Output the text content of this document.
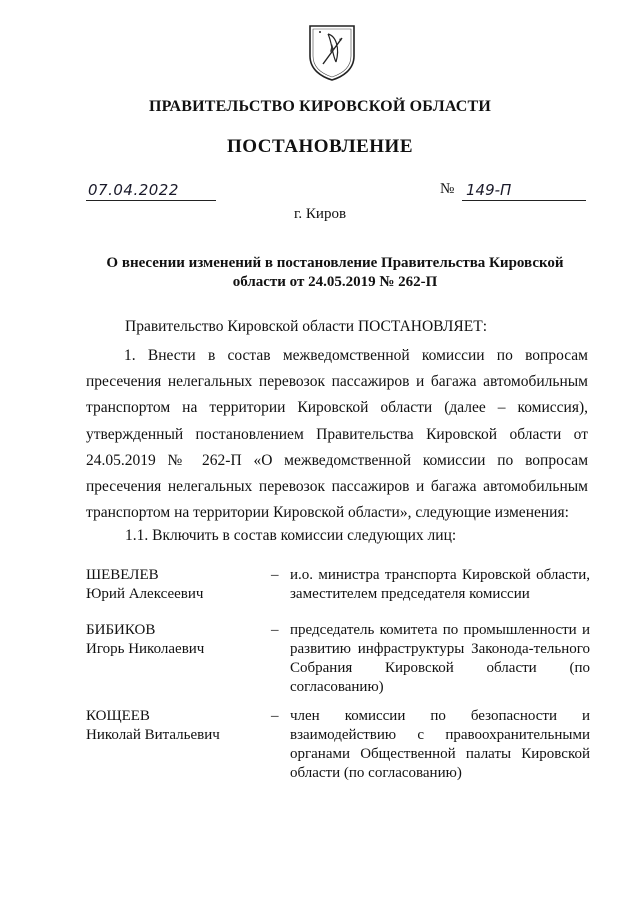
ПРАВИТЕЛЬСТВО КИРОВСКОЙ ОБЛАСТИ
ПОСТАНОВЛЕНИЕ
07.04.2022	№ 149-П
г. Киров
О внесении изменений в постановление Правительства Кировской области от 24.05.2019 № 262-П
Правительство Кировской области ПОСТАНОВЛЯЕТ:
1. Внести в состав межведомственной комиссии по вопросам пресечения нелегальных перевозок пассажиров и багажа автомобильным транспортом на территории Кировской области (далее – комиссия), утвержденный постановлением Правительства Кировской области от 24.05.2019 № 262-П «О межведомственной комиссии по вопросам пресечения нелегальных перевозок пассажиров и багажа автомобильным транспортом на территории Кировской области», следующие изменения:
1.1. Включить в состав комиссии следующих лиц:
ШЕВЕЛЕВ
Юрий Алексеевич
– и.о. министра транспорта Кировской области, заместителем председателя комиссии
БИБИКОВ
Игорь Николаевич
– председатель комитета по промышленности и развитию инфраструктуры Законода-тельного Собрания Кировской области (по согласованию)
КОЩЕЕВ
Николай Витальевич
– член комиссии по безопасности и взаимодействию с правоохранительными органами Общественной палаты Кировской области (по согласованию)
